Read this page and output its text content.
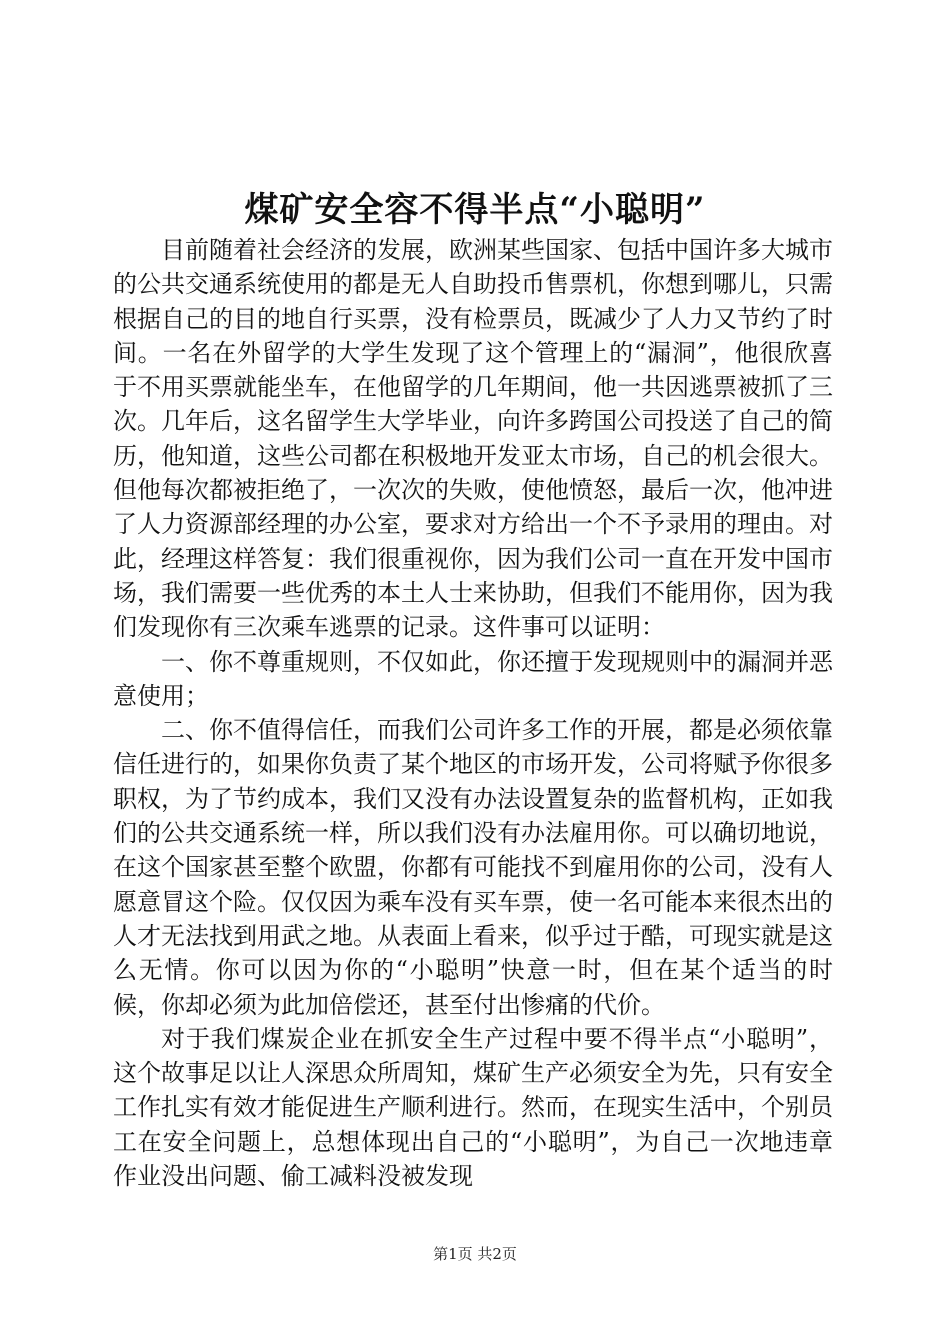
煤矿安全容不得半点“小聪明”

目前随着社会经济的发展，欧洲某些国家、包括中国许多大城市的公共交通系统使用的都是无人自助投币售票机，你想到哪儿，只需根据自己的目的地自行买票，没有检票员，既减少了人力又节约了时间。一名在外留学的大学生发现了这个管理上的“漏洞”，他很欣喜于不用买票就能坐车，在他留学的几年期间，他一共因逃票被抓了三次。几年后，这名留学生大学毕业，向许多跨国公司投送了自己的简历，他知道，这些公司都在积极地开发亚太市场，自己的机会很大。但他每次都被拒绝了，一次次的失败，使他愤怒，最后一次，他冲进了人力资源部经理的办公室，要求对方给出一个不予录用的理由。对此，经理这样答复：我们很重视你，因为我们公司一直在开发中国市场，我们需要一些优秀的本土人士来协助，但我们不能用你，因为我们发现你有三次乘车逃票的记录。这件事可以证明：

一、你不尊重规则，不仅如此，你还擅于发现规则中的漏洞并恶意使用；

二、你不值得信任，而我们公司许多工作的开展，都是必须依靠信任进行的，如果你负责了某个地区的市场开发，公司将赋予你很多职权，为了节约成本，我们又没有办法设置复杂的监督机构，正如我们的公共交通系统一样，所以我们没有办法雇用你。可以确切地说，在这个国家甚至整个欧盟，你都有可能找不到雇用你的公司，没有人愿意冒这个险。仅仅因为乘车没有买车票，使一名可能本来很杰出的人才无法找到用武之地。从表面上看来，似乎过于酷，可现实就是这么无情。你可以因为你的“小聪明”快意一时，但在某个适当的时候，你却必须为此加倍偿还，甚至付出惨痛的代价。

对于我们煤炭企业在抓安全生产过程中要不得半点“小聪明”，这个故事足以让人深思众所周知，煤矿生产必须安全为先，只有安全工作扎实有效才能促进生产顺利进行。然而，在现实生活中，个别员工在安全问题上，总想体现出自己的“小聪明”，为自己一次地违章作业没出问题、偷工减料没被发现

第1页 共2页
